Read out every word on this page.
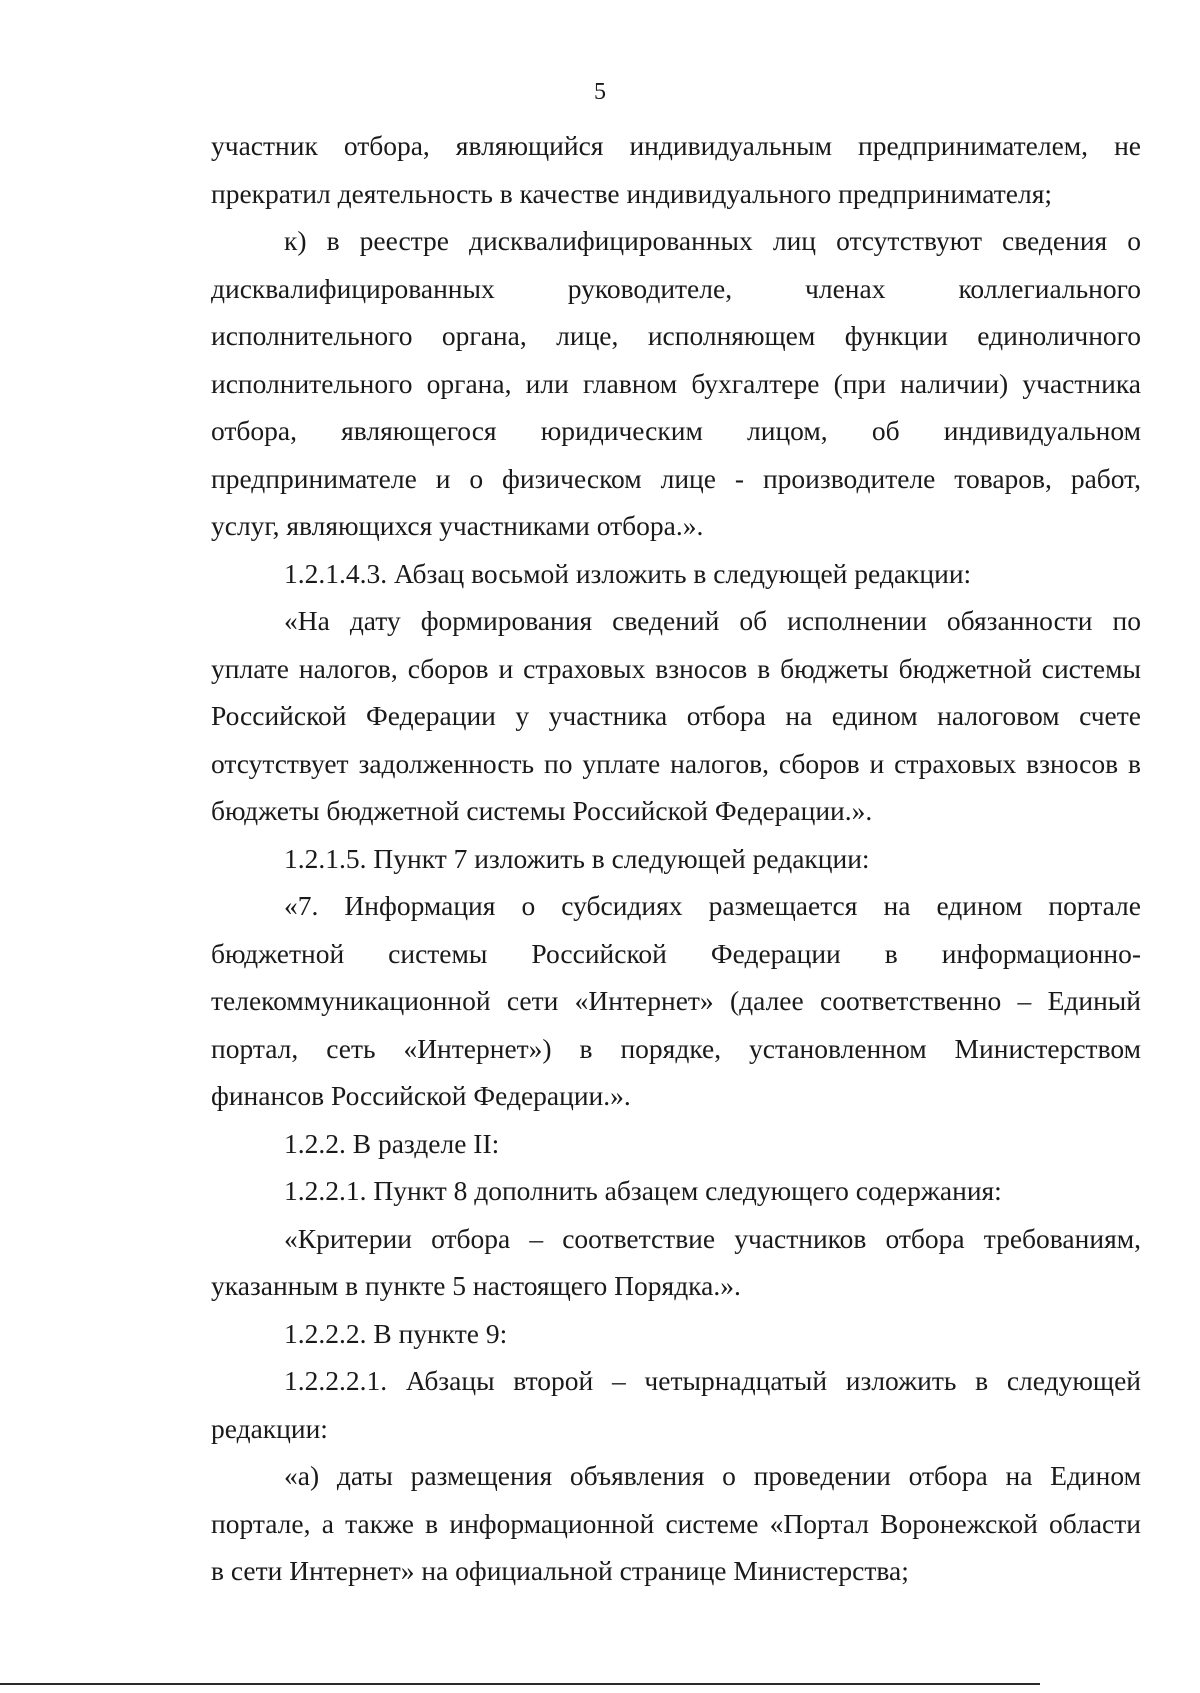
5
участник отбора, являющийся индивидуальным предпринимателем, не
прекратил деятельность в качестве индивидуального предпринимателя;
к) в реестре дисквалифицированных лиц отсутствуют сведения о
дисквалифицированных руководителе, членах коллегиального
исполнительного органа, лице, исполняющем функции единоличного
исполнительного органа, или главном бухгалтере (при наличии) участника
отбора, являющегося юридическим лицом, об индивидуальном
предпринимателе и о физическом лице - производителе товаров, работ,
услуг, являющихся участниками отбора.».
1.2.1.4.3. Абзац восьмой изложить в следующей редакции:
«На дату формирования сведений об исполнении обязанности по
уплате налогов, сборов и страховых взносов в бюджеты бюджетной системы
Российской Федерации у участника отбора на едином налоговом счете
отсутствует задолженность по уплате налогов, сборов и страховых взносов в
бюджеты бюджетной системы Российской Федерации.».
1.2.1.5. Пункт 7 изложить в следующей редакции:
«7. Информация о субсидиях размещается на едином портале
бюджетной системы Российской Федерации в информационно-
телекоммуникационной сети «Интернет» (далее соответственно – Единый
портал, сеть «Интернет») в порядке, установленном Министерством
финансов Российской Федерации.».
1.2.2. В разделе II:
1.2.2.1. Пункт 8 дополнить абзацем следующего содержания:
«Критерии отбора – соответствие участников отбора требованиям,
указанным в пункте 5 настоящего Порядка.».
1.2.2.2. В пункте 9:
1.2.2.2.1. Абзацы второй – четырнадцатый изложить в следующей
редакции:
«а) даты размещения объявления о проведении отбора на Едином
портале, а также в информационной системе «Портал Воронежской области
в сети Интернет» на официальной странице Министерства;
